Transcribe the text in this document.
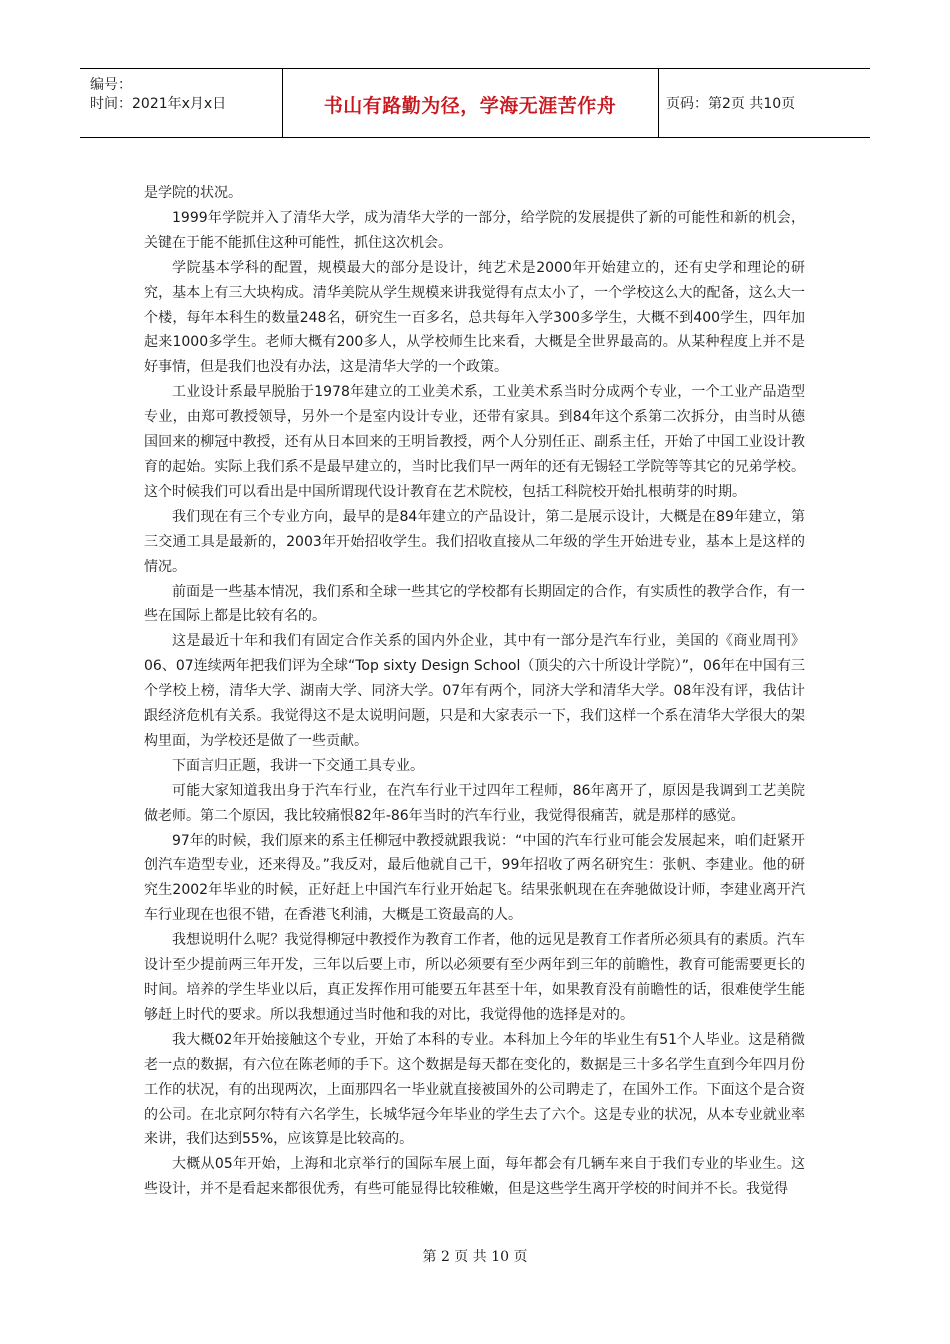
编号：
时间：2021年x月x日	书山有路勤为径，学海无涯苦作舟	页码：第2页 共10页

是学院的状况。

1999年学院并入了清华大学，成为清华大学的一部分，给学院的发展提供了新的可能性和新的机会，关键在于能不能抓住这种可能性，抓住这次机会。

学院基本学科的配置，规模最大的部分是设计，纯艺术是2000年开始建立的，还有史学和理论的研究，基本上有三大块构成。清华美院从学生规模来讲我觉得有点太小了，一个学校这么大的配备，这么大一个楼，每年本科生的数量248名，研究生一百多名，总共每年入学300多学生，大概不到400学生，四年加起来1000多学生。老师大概有200多人，从学校师生比来看，大概是全世界最高的。从某种程度上并不是好事情，但是我们也没有办法，这是清华大学的一个政策。

工业设计系最早脱胎于1978年建立的工业美术系，工业美术系当时分成两个专业，一个工业产品造型专业，由郑可教授领导，另外一个是室内设计专业，还带有家具。到84年这个系第二次拆分，由当时从德国回来的柳冠中教授，还有从日本回来的王明旨教授，两个人分别任正、副系主任，开始了中国工业设计教育的起始。实际上我们系不是最早建立的，当时比我们早一两年的还有无锡轻工学院等等其它的兄弟学校。这个时候我们可以看出是中国所谓现代设计教育在艺术院校，包括工科院校开始扎根萌芽的时期。

我们现在有三个专业方向，最早的是84年建立的产品设计，第二是展示设计，大概是在89年建立，第三交通工具是最新的，2003年开始招收学生。我们招收直接从二年级的学生开始进专业，基本上是这样的情况。

前面是一些基本情况，我们系和全球一些其它的学校都有长期固定的合作，有实质性的教学合作，有一些在国际上都是比较有名的。

这是最近十年和我们有固定合作关系的国内外企业，其中有一部分是汽车行业，美国的《商业周刊》06、07连续两年把我们评为全球“Top sixty Design School（顶尖的六十所设计学院）”，06年在中国有三个学校上榜，清华大学、湖南大学、同济大学。07年有两个，同济大学和清华大学。08年没有评，我估计跟经济危机有关系。我觉得这不是太说明问题，只是和大家表示一下，我们这样一个系在清华大学很大的架构里面，为学校还是做了一些贡献。

下面言归正题，我讲一下交通工具专业。

可能大家知道我出身于汽车行业，在汽车行业干过四年工程师，86年离开了，原因是我调到工艺美院做老师。第二个原因，我比较痛恨82年-86年当时的汽车行业，我觉得很痛苦，就是那样的感觉。

97年的时候，我们原来的系主任柳冠中教授就跟我说：“中国的汽车行业可能会发展起来，咱们赶紧开创汽车造型专业，还来得及。”我反对，最后他就自己干，99年招收了两名研究生：张帆、李建业。他的研究生2002年毕业的时候，正好赶上中国汽车行业开始起飞。结果张帆现在在奔驰做设计师，李建业离开汽车行业现在也很不错，在香港飞利浦，大概是工资最高的人。

我想说明什么呢？我觉得柳冠中教授作为教育工作者，他的远见是教育工作者所必须具有的素质。汽车设计至少提前两三年开发，三年以后要上市，所以必须要有至少两年到三年的前瞻性，教育可能需要更长的时间。培养的学生毕业以后，真正发挥作用可能要五年甚至十年，如果教育没有前瞻性的话，很难使学生能够赶上时代的要求。所以我想通过当时他和我的对比，我觉得他的选择是对的。

我大概02年开始接触这个专业，开始了本科的专业。本科加上今年的毕业生有51个人毕业。这是稍微老一点的数据，有六位在陈老师的手下。这个数据是每天都在变化的，数据是三十多名学生直到今年四月份工作的状况，有的出现两次，上面那四名一毕业就直接被国外的公司聘走了，在国外工作。下面这个是合资的公司。在北京阿尔特有六名学生，长城华冠今年毕业的学生去了六个。这是专业的状况，从本专业就业率来讲，我们达到55%，应该算是比较高的。

大概从05年开始，上海和北京举行的国际车展上面，每年都会有几辆车来自于我们专业的毕业生。这些设计，并不是看起来都很优秀，有些可能显得比较稚嫩，但是这些学生离开学校的时间并不长。我觉得

第 2 页 共 10 页
